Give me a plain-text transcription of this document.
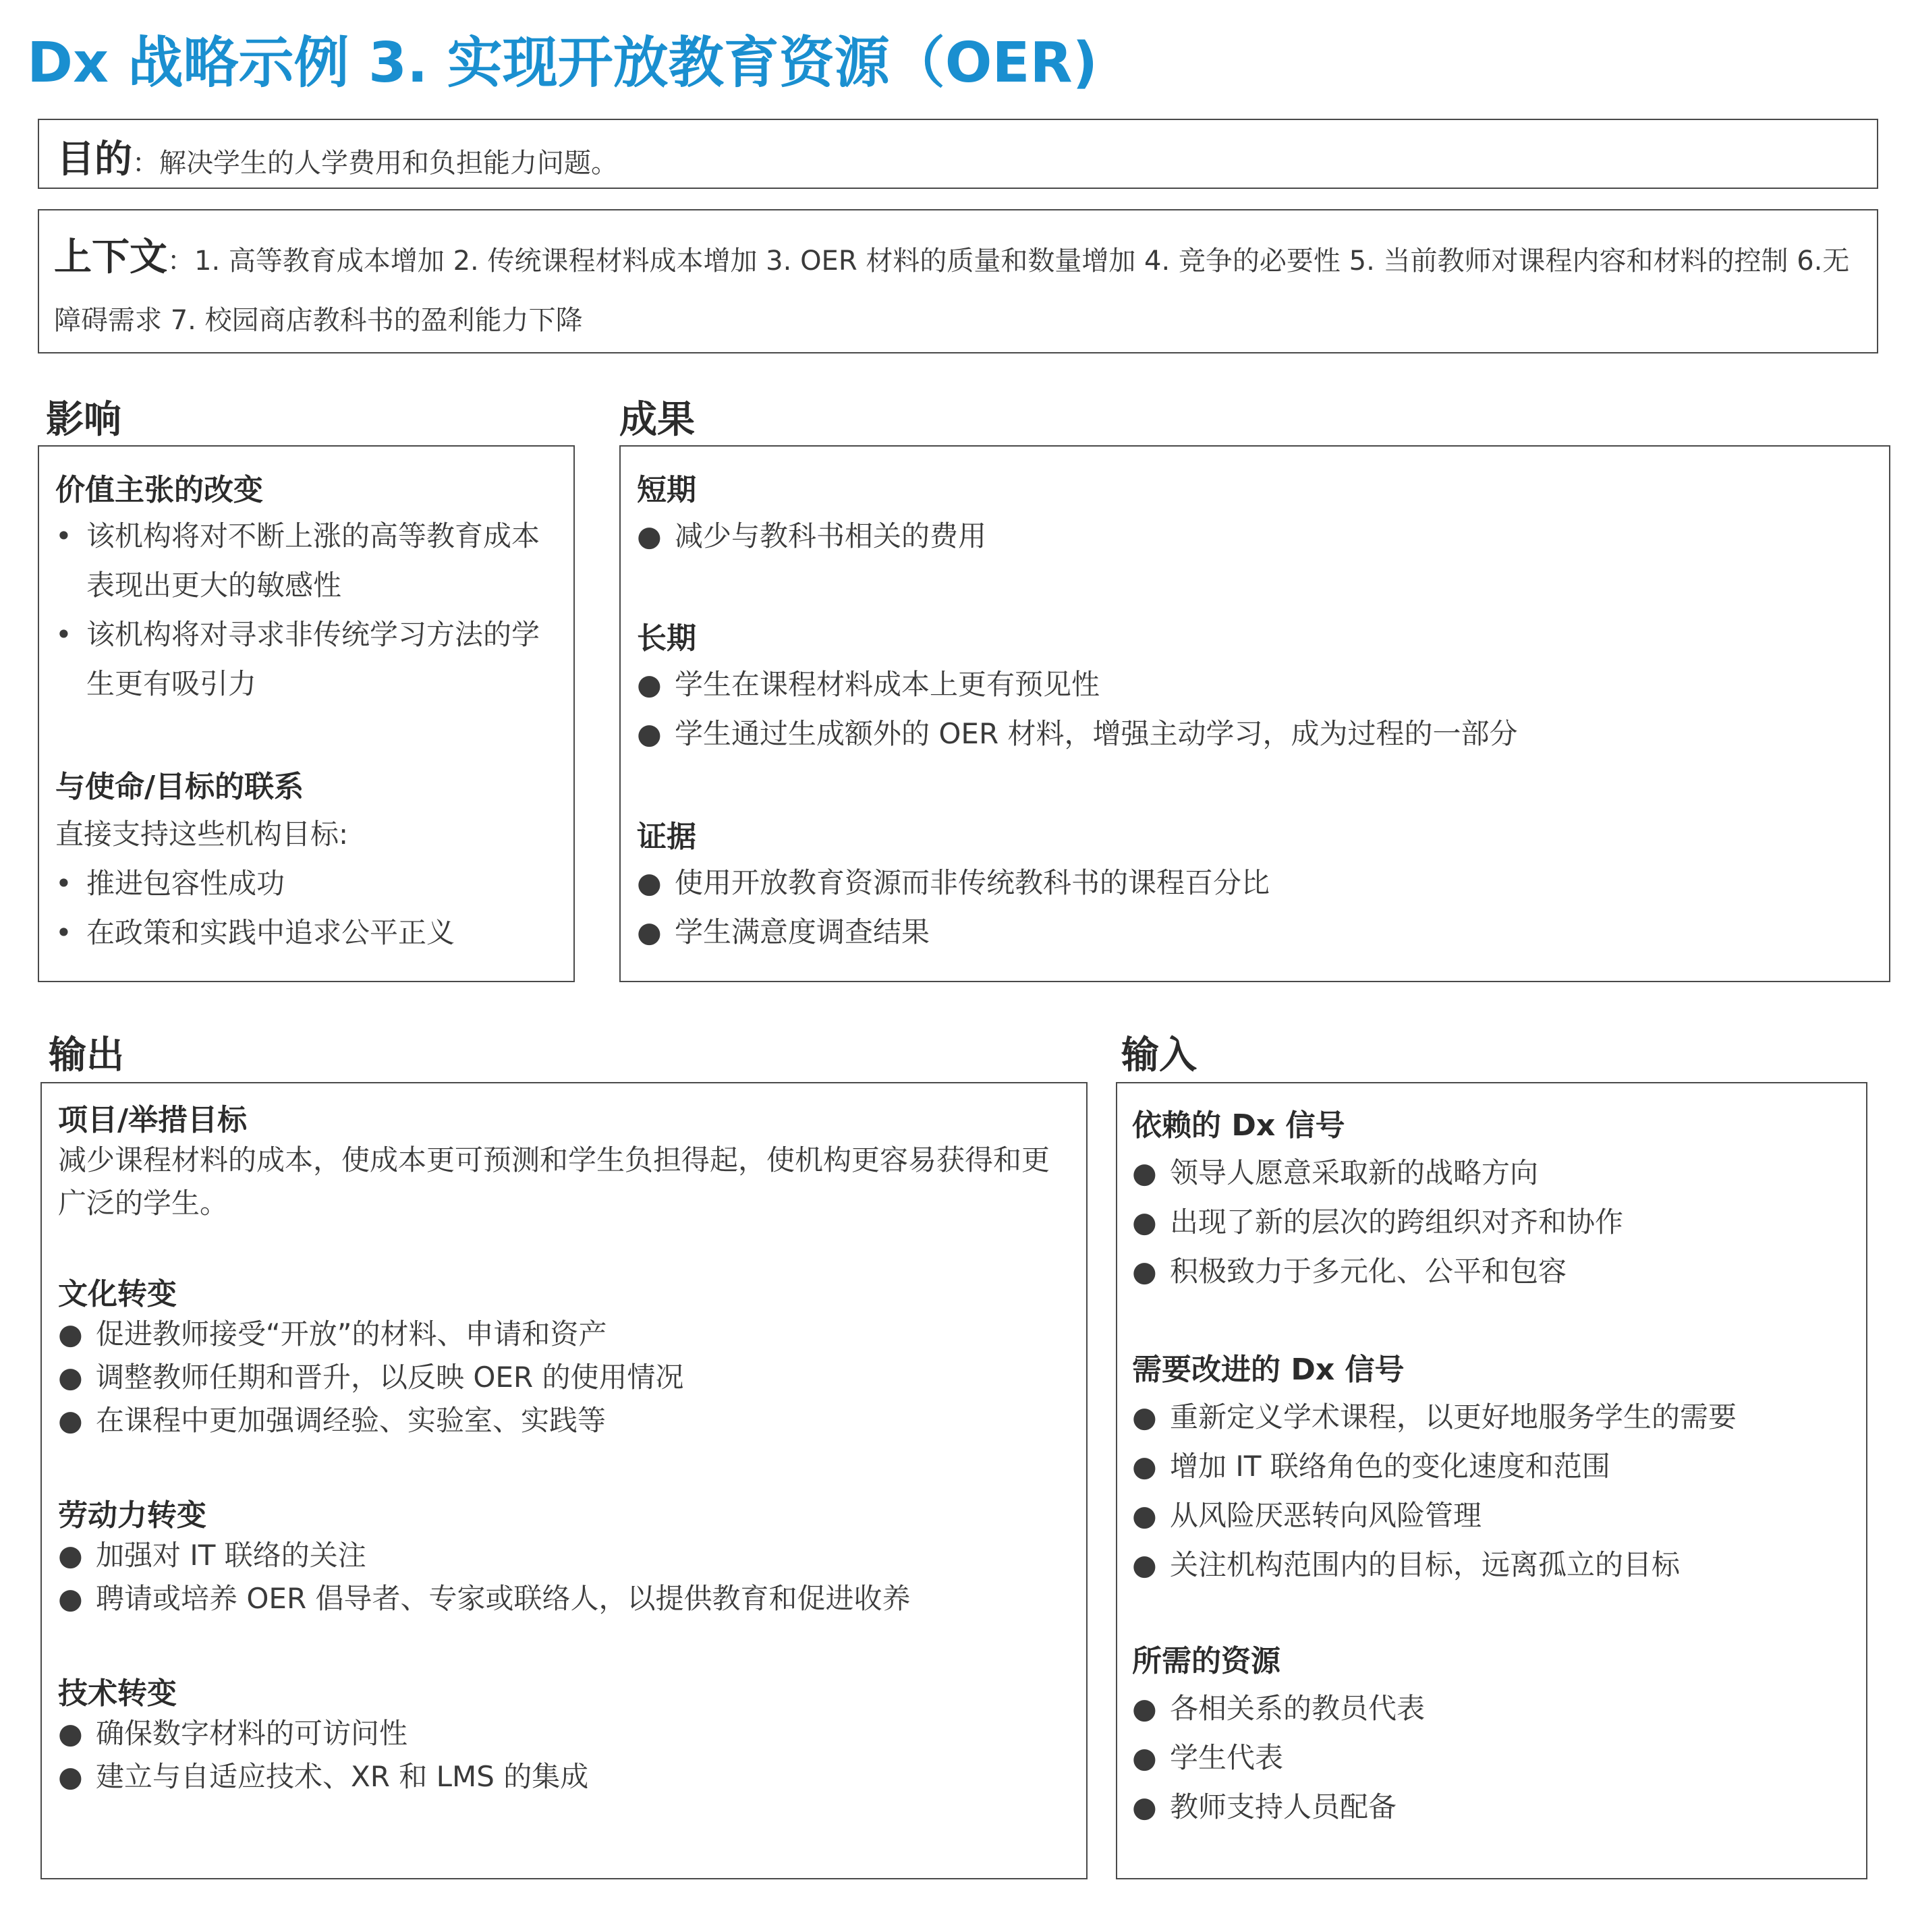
Dx 战略示例 3. 实现开放教育资源（OER)
目的：解决学生的人学费用和负担能力问题。
上下文：1. 高等教育成本增加 2. 传统课程材料成本增加 3. OER 材料的质量和数量增加 4. 竞争的必要性 5. 当前教师对课程内容和材料的控制 6.无障碍需求 7. 校园商店教科书的盈利能力下降
影响
价值主张的改变
• 该机构将对不断上涨的高等教育成本表现出更大的敏感性
• 该机构将对寻求非传统学习方法的学生更有吸引力
与使命/目标的联系
直接支持这些机构目标:
• 推进包容性成功
• 在政策和实践中追求公平正义
成果
短期
● 减少与教科书相关的费用
长期
● 学生在课程材料成本上更有预见性
● 学生通过生成额外的 OER 材料，增强主动学习，成为过程的一部分
证据
● 使用开放教育资源而非传统教科书的课程百分比
● 学生满意度调查结果
输出
项目/举措目标
减少课程材料的成本，使成本更可预测和学生负担得起，使机构更容易获得和更广泛的学生。
文化转变
● 促进教师接受“开放”的材料、申请和资产
● 调整教师任期和晋升，以反映 OER 的使用情况
● 在课程中更加强调经验、实验室、实践等
劳动力转变
● 加强对 IT 联络的关注
● 聘请或培养 OER 倡导者、专家或联络人，以提供教育和促进收养
技术转变
● 确保数字材料的可访问性
● 建立与自适应技术、XR 和 LMS 的集成
输入
依赖的 Dx 信号
● 领导人愿意采取新的战略方向
● 出现了新的层次的跨组织对齐和协作
● 积极致力于多元化、公平和包容
需要改进的 Dx 信号
● 重新定义学术课程，以更好地服务学生的需要
● 增加 IT 联络角色的变化速度和范围
● 从风险厌恶转向风险管理
● 关注机构范围内的目标，远离孤立的目标
所需的资源
● 各相关系的教员代表
● 学生代表
● 教师支持人员配备
